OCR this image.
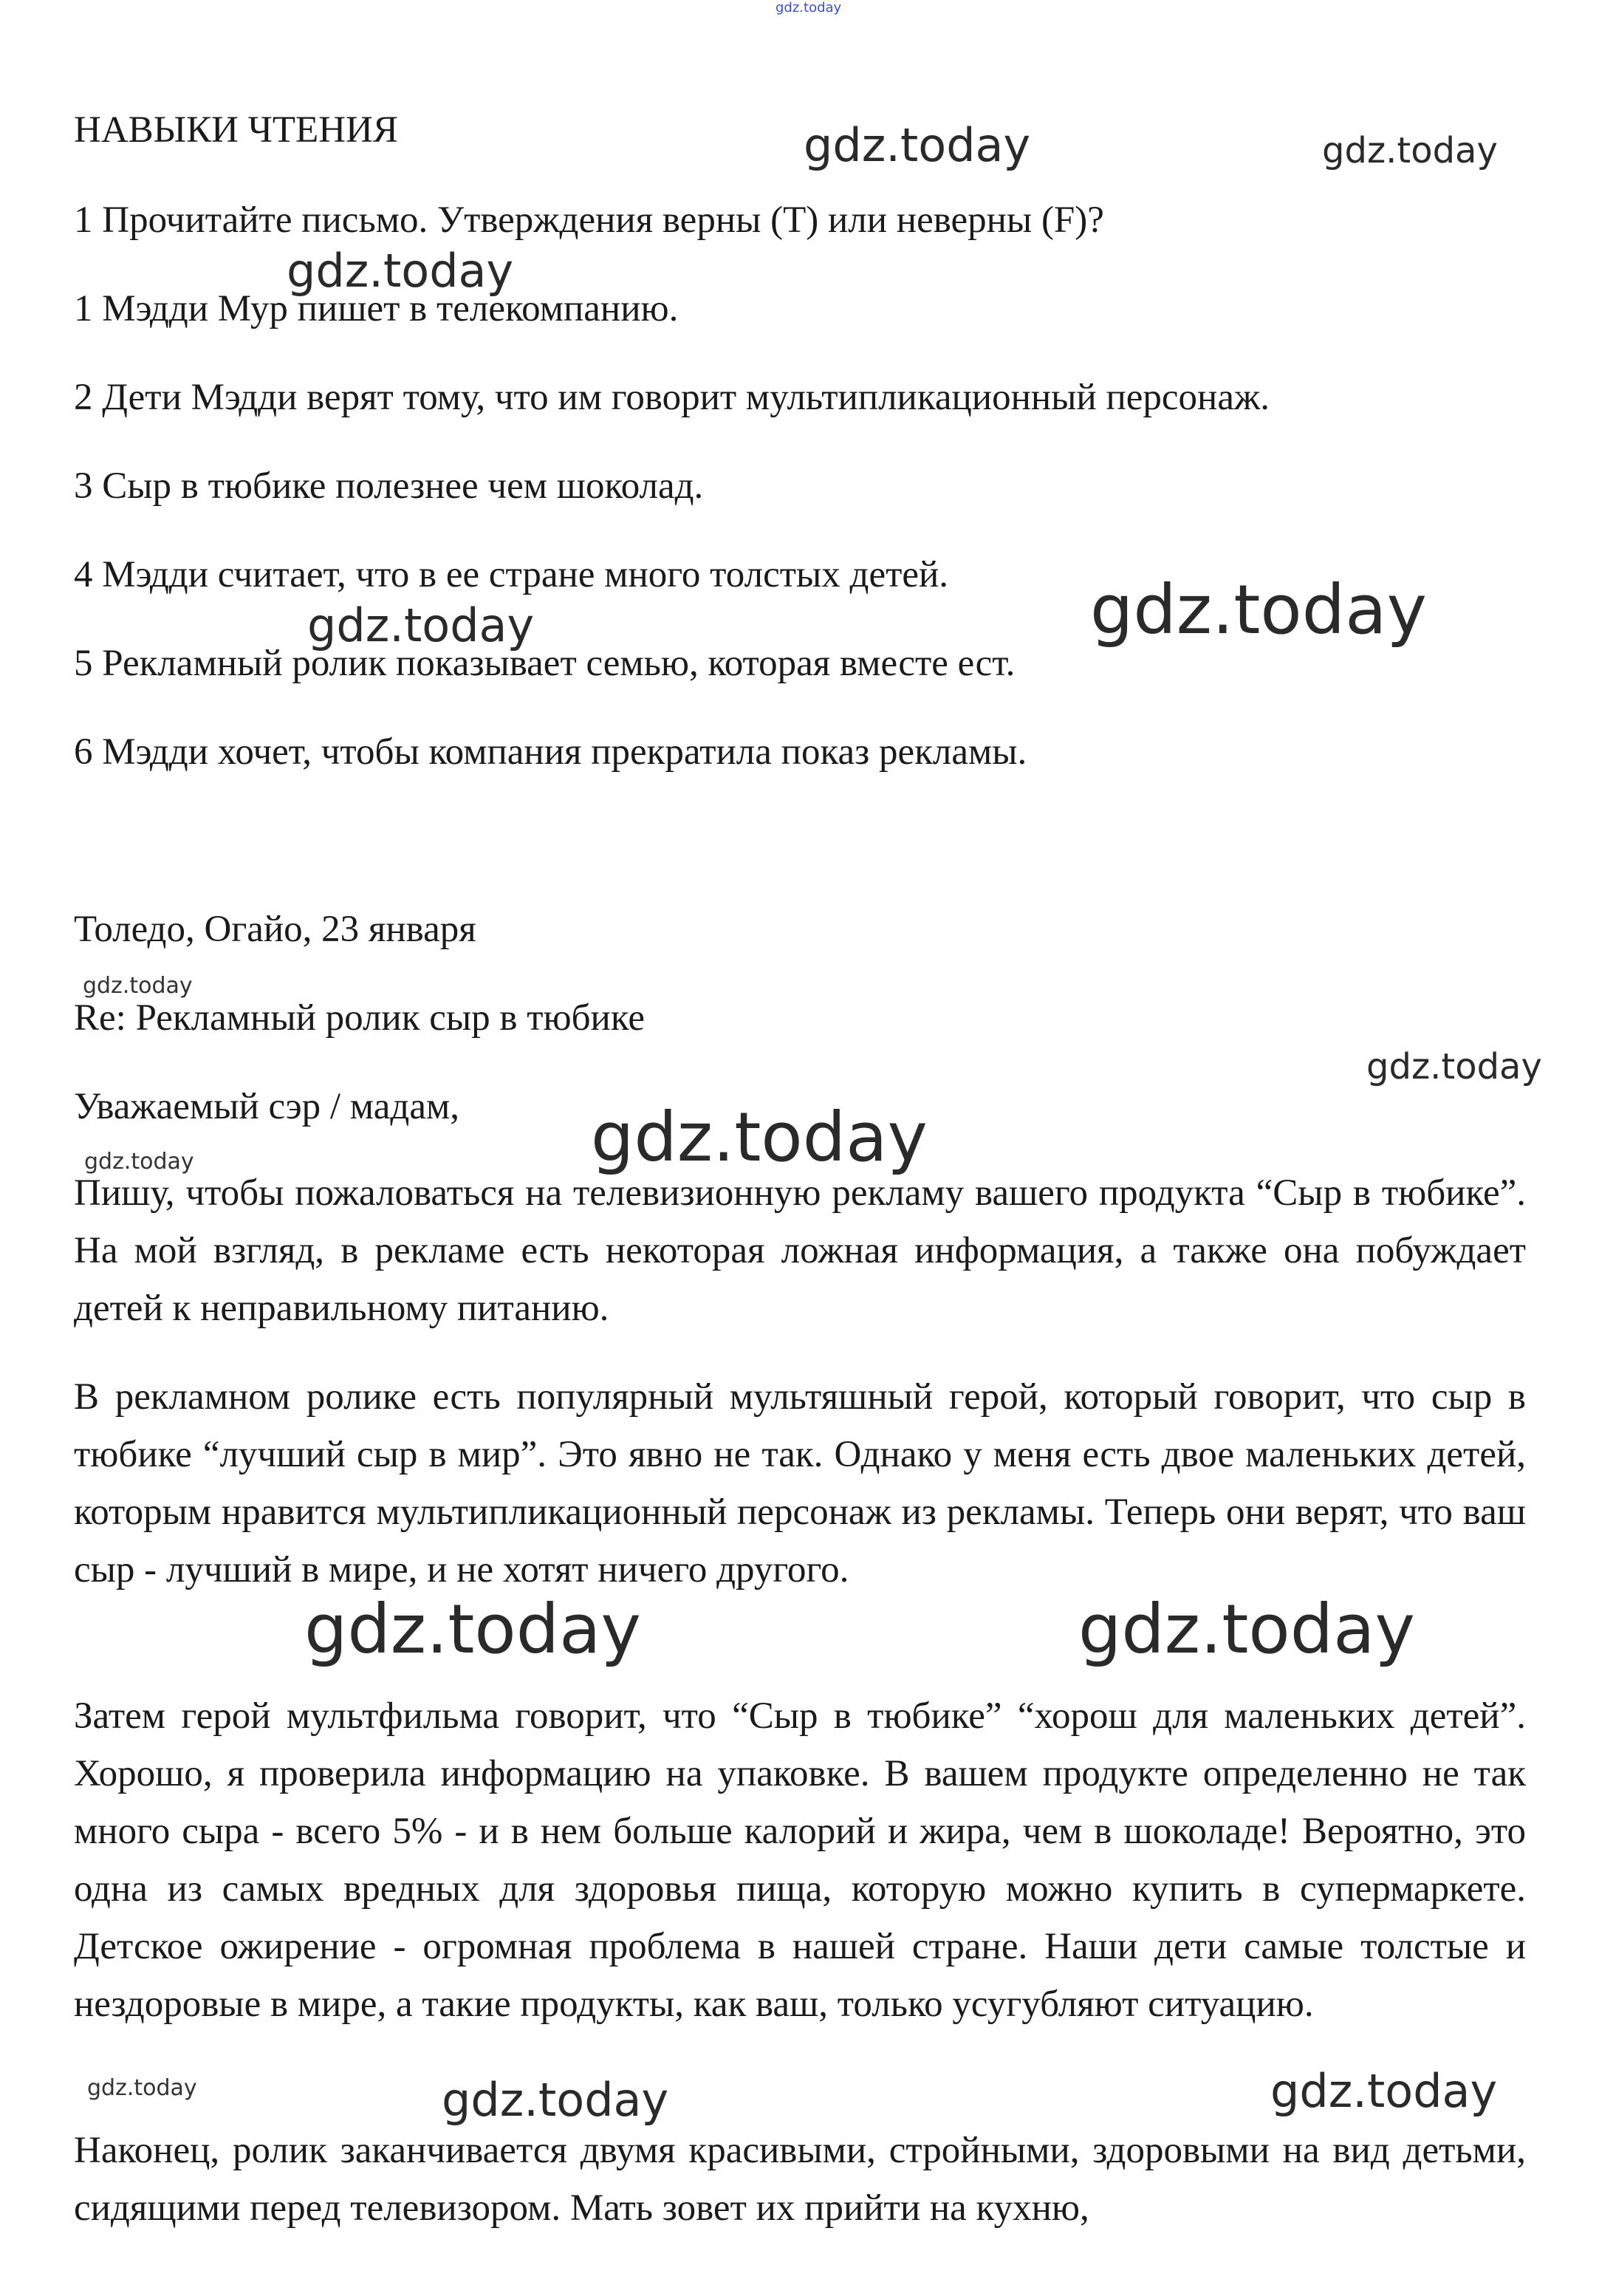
НАВЫКИ ЧТЕНИЯ

1 Прочитайте письмо. Утверждения верны (T) или неверны (F)?

1 Мэдди Мур пишет в телекомпанию.

2 Дети Мэдди верят тому, что им говорит мультипликационный персонаж.

3 Сыр в тюбике полезнее чем шоколад.

4 Мэдди считает, что в ее стране много толстых детей.

5 Рекламный ролик показывает семью, которая вместе ест.

6 Мэдди хочет, чтобы компания прекратила показ рекламы.

Толедо, Огайо, 23 января

Re: Рекламный ролик сыр в тюбике

Уважаемый сэр / мадам,

Пишу, чтобы пожаловаться на телевизионную рекламу вашего продукта “Сыр в тюбике”. На мой взгляд, в рекламе есть некоторая ложная информация, а также она побуждает детей к неправильному питанию.

В рекламном ролике есть популярный мультяшный герой, который говорит, что сыр в тюбике “лучший сыр в мир”. Это явно не так. Однако у меня есть двое маленьких детей, которым нравится мультипликационный персонаж из рекламы. Теперь они верят, что ваш сыр - лучший в мире, и не хотят ничего другого.

Затем герой мультфильма говорит, что “Сыр в тюбике” “хорош для маленьких детей”. Хорошо, я проверила информацию на упаковке. В вашем продукте определенно не так много сыра - всего 5% - и в нем больше калорий и жира, чем в шоколаде! Вероятно, это одна из самых вредных для здоровья пища, которую можно купить в супермаркете. Детское ожирение - огромная проблема в нашей стране. Наши дети самые толстые и нездоровые в мире, а такие продукты, как ваш, только усугубляют ситуацию.

Наконец, ролик заканчивается двумя красивыми, стройными, здоровыми на вид детьми, сидящими перед телевизором. Мать зовет их прийти на кухню,

gdz.today

gdz.today	gdz.today

gdz.today

gdz.today	gdz.today

gdz.today

gdz.today

gdz.today

gdz.today

gdz.today	gdz.today

gdz.today	gdz.today	gdz.today
